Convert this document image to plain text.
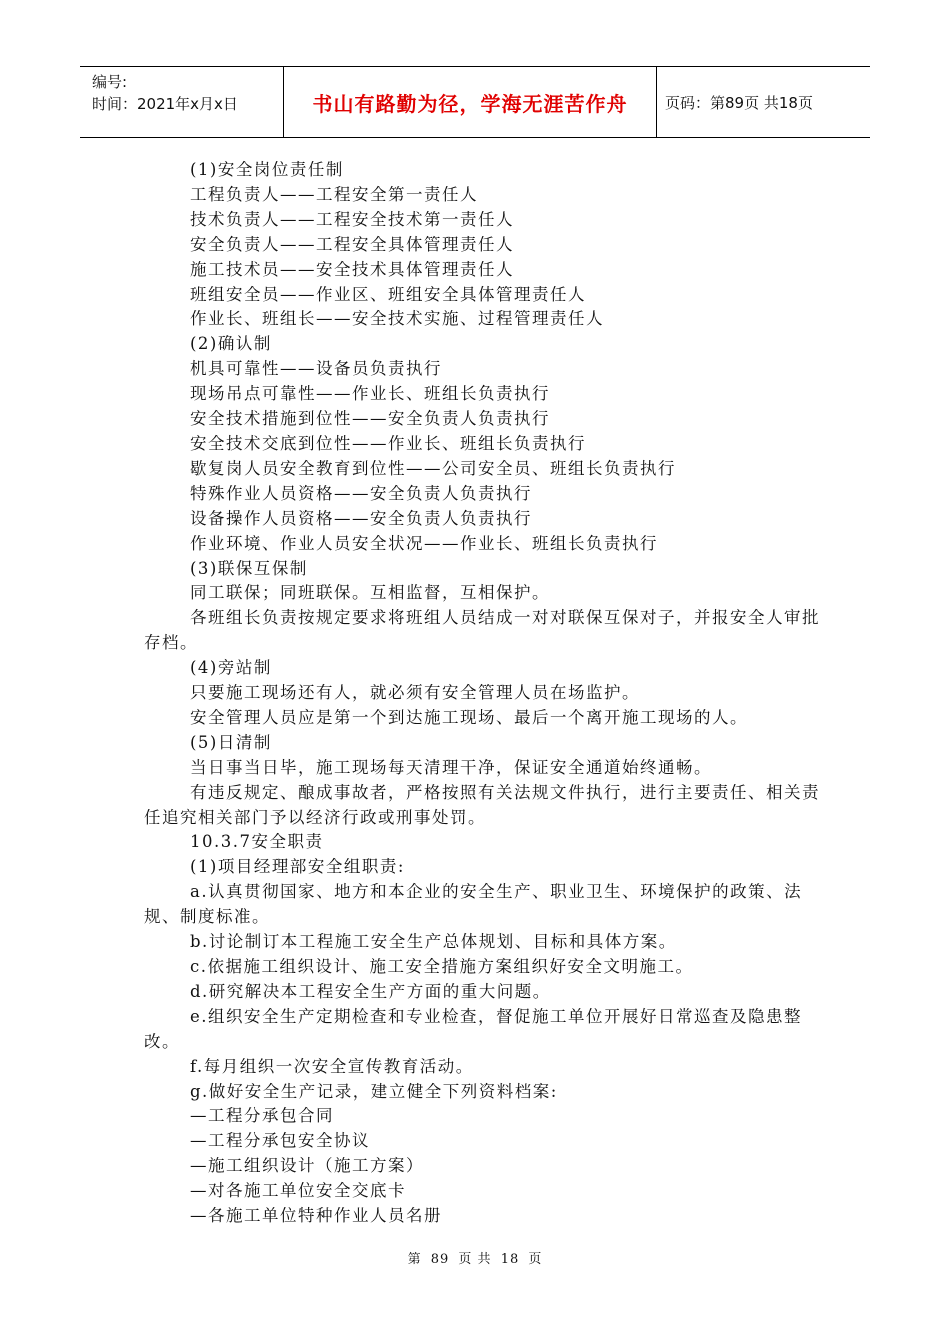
编号:
时间：2021年x月x日	书山有路勤为径，学海无涯苦作舟	页码：第89页 共18页

(1)安全岗位责任制

工程负责人——工程安全第一责任人

技术负责人——工程安全技术第一责任人

安全负责人——工程安全具体管理责任人

施工技术员——安全技术具体管理责任人

班组安全员——作业区、班组安全具体管理责任人

作业长、班组长——安全技术实施、过程管理责任人

(2)确认制

机具可靠性——设备员负责执行

现场吊点可靠性——作业长、班组长负责执行

安全技术措施到位性——安全负责人负责执行

安全技术交底到位性——作业长、班组长负责执行

歇复岗人员安全教育到位性——公司安全员、班组长负责执行

特殊作业人员资格——安全负责人负责执行

设备操作人员资格——安全负责人负责执行

作业环境、作业人员安全状况——作业长、班组长负责执行

(3)联保互保制

同工联保；同班联保。互相监督，互相保护。

各班组长负责按规定要求将班组人员结成一对对联保互保对子，并报安全人审批存档。

(4)旁站制

只要施工现场还有人，就必须有安全管理人员在场监护。

安全管理人员应是第一个到达施工现场、最后一个离开施工现场的人。

(5)日清制

当日事当日毕，施工现场每天清理干净，保证安全通道始终通畅。

有违反规定、酿成事故者，严格按照有关法规文件执行，进行主要责任、相关责任追究相关部门予以经济行政或刑事处罚。

10.3.7安全职责

(1)项目经理部安全组职责:

a.认真贯彻国家、地方和本企业的安全生产、职业卫生、环境保护的政策、法规、制度标准。

b.讨论制订本工程施工安全生产总体规划、目标和具体方案。

c.依据施工组织设计、施工安全措施方案组织好安全文明施工。

d.研究解决本工程安全生产方面的重大问题。

e.组织安全生产定期检查和专业检查，督促施工单位开展好日常巡查及隐患整改。

f.每月组织一次安全宣传教育活动。

g.做好安全生产记录，建立健全下列资料档案:

—工程分承包合同

—工程分承包安全协议

—施工组织设计（施工方案）

—对各施工单位安全交底卡

—各施工单位特种作业人员名册

第 89 页 共 18 页
